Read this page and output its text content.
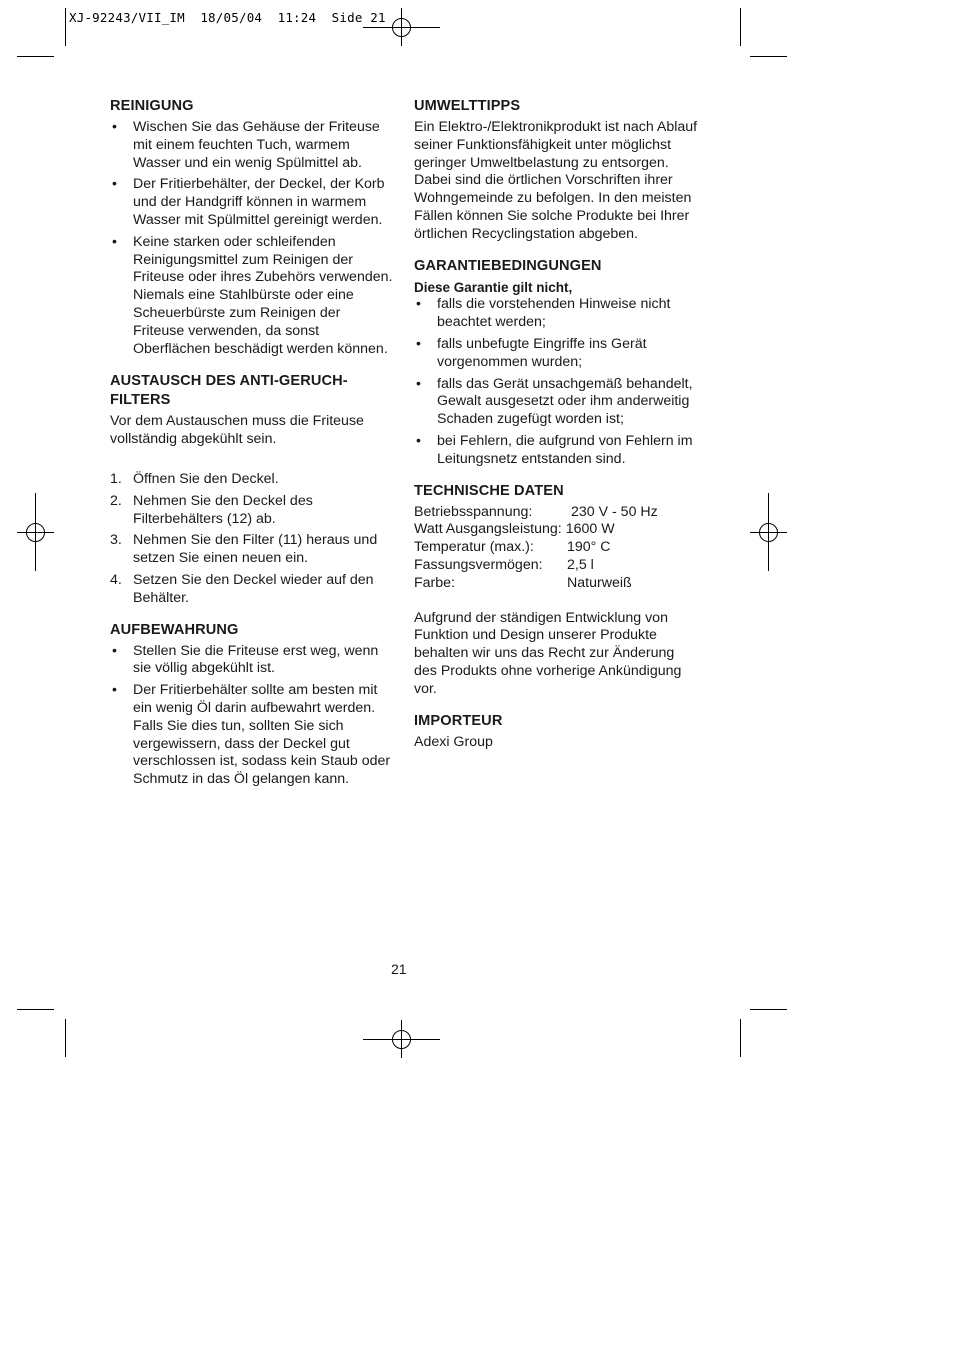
XJ-92243/VII_IM  18/05/04  11:24  Side 21
REINIGUNG
• Wischen Sie das Gehäuse der Friteuse mit einem feuchten Tuch, warmem Wasser und ein wenig Spülmittel ab.
• Der Fritierbehälter, der Deckel, der Korb und der Handgriff können in warmem Wasser mit Spülmittel gereinigt werden.
• Keine starken oder schleifenden Reinigungsmittel zum Reinigen der Friteuse oder ihres Zubehörs verwenden. Niemals eine Stahlbürste oder eine Scheuerbürste zum Reinigen der Friteuse verwenden, da sonst Oberflächen beschädigt werden können.
AUSTAUSCH DES ANTI-GERUCH-
FILTERS

Vor dem Austauschen muss die Friteuse vollständig abgekühlt sein.

1. Öffnen Sie den Deckel.
2. Nehmen Sie den Deckel des Filterbehälters (12) ab.
3. Nehmen Sie den Filter (11) heraus und setzen Sie einen neuen ein.
4. Setzen Sie den Deckel wieder auf den Behälter.
AUFBEWAHRUNG
• Stellen Sie die Friteuse erst weg, wenn sie völlig abgekühlt ist.
• Der Fritierbehälter sollte am besten mit ein wenig Öl darin aufbewahrt werden. Falls Sie dies tun, sollten Sie sich vergewissern, dass der Deckel gut verschlossen ist, sodass kein Staub oder Schmutz in das Öl gelangen kann.
UMWELTTIPPS

Ein Elektro-/Elektronikprodukt ist nach Ablauf seiner Funktionsfähigkeit unter möglichst geringer Umweltbelastung zu entsorgen. Dabei sind die örtlichen Vorschriften ihrer Wohngemeinde zu befolgen. In den meisten Fällen können Sie solche Produkte bei Ihrer örtlichen Recyclingstation abgeben.

GARANTIEBEDINGUNGEN

Diese Garantie gilt nicht,

• falls die vorstehenden Hinweise nicht beachtet werden;
• falls unbefugte Eingriffe ins Gerät vorgenommen wurden;
• falls das Gerät unsachgemäß behandelt, Gewalt ausgesetzt oder ihm anderweitig Schaden zugefügt worden ist;
• bei Fehlern, die aufgrund von Fehlern im Leitungsnetz entstanden sind.
TECHNISCHE DATEN
Betriebsspannung:	230 V - 50 Hz
Watt Ausgangsleistung: 1600 W	
Temperatur (max.):	190° C
Fassungsvermögen:	2,5 l
Farbe:	Naturweiß

Aufgrund der ständigen Entwicklung von Funktion und Design unserer Produkte behalten wir uns das Recht zur Änderung des Produkts ohne vorherige Ankündigung vor.

IMPORTEUR

Adexi Group

21
